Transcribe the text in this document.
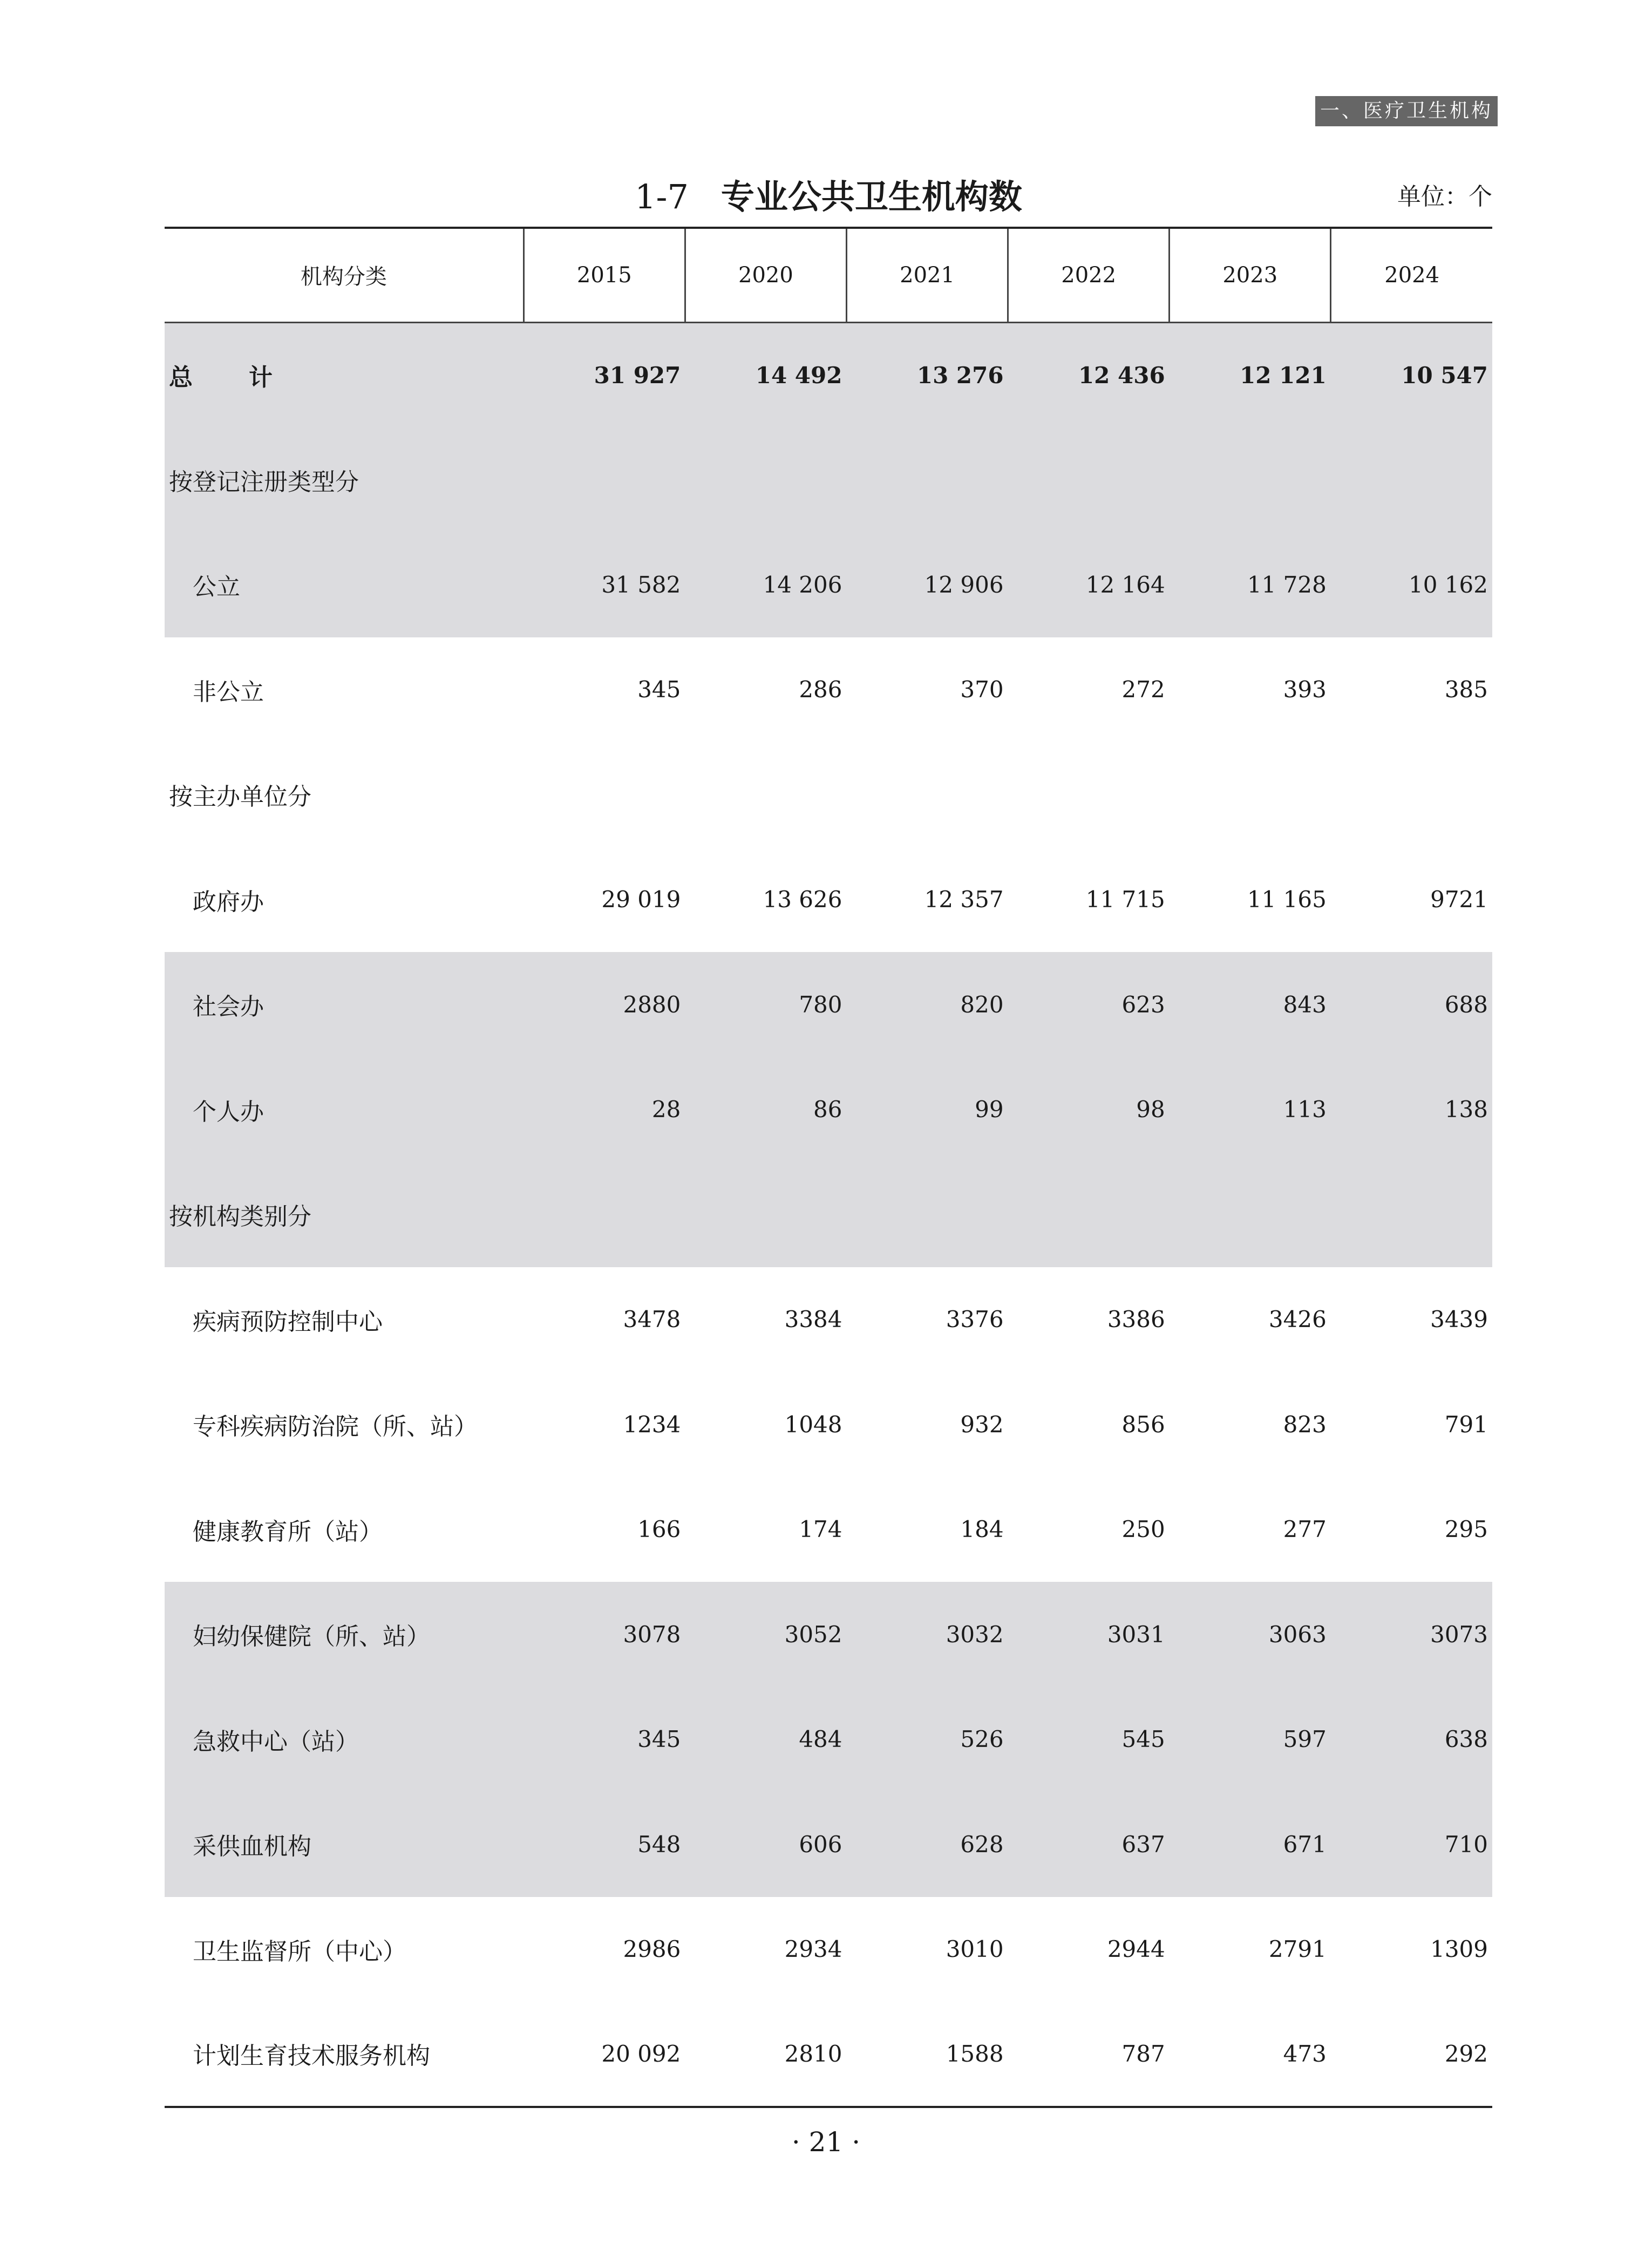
一、医疗卫生机构
1-7 专业公共卫生机构数	单位：个
机构分类	2015	2020	2021	2022	2023	2024
总　计	31 927	14 492	13 276	12 436	12 121	10 547
按登记注册类型分						
公立	31 582	14 206	12 906	12 164	11 728	10 162
非公立	345	286	370	272	393	385
按主办单位分						
政府办	29 019	13 626	12 357	11 715	11 165	9721
社会办	2880	780	820	623	843	688
个人办	28	86	99	98	113	138
按机构类别分						
疾病预防控制中心	3478	3384	3376	3386	3426	3439
专科疾病防治院（所、站）	1234	1048	932	856	823	791
健康教育所（站）	166	174	184	250	277	295
妇幼保健院（所、站）	3078	3052	3032	3031	3063	3073
急救中心（站）	345	484	526	545	597	638
采供血机构	548	606	628	637	671	710
卫生监督所（中心）	2986	2934	3010	2944	2791	1309
计划生育技术服务机构	20 092	2810	1588	787	473	292
· 21 ·
